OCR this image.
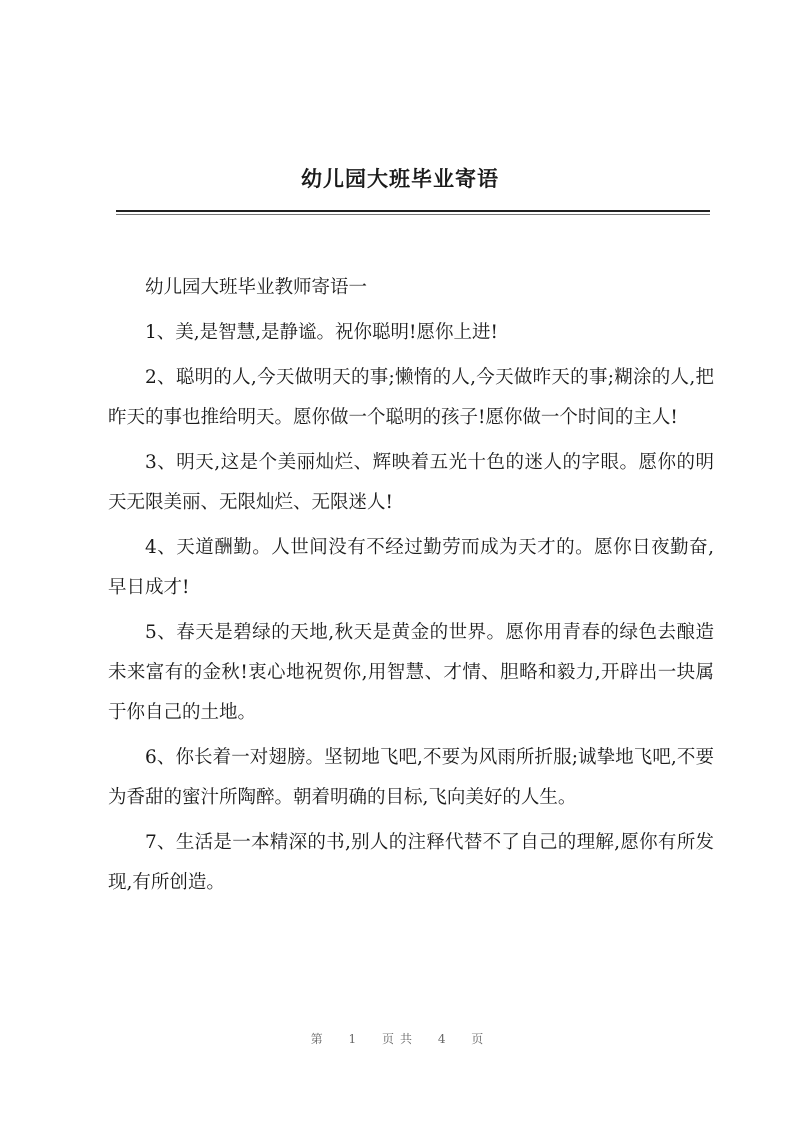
幼儿园大班毕业寄语

幼儿园大班毕业教师寄语一

1、美,是智慧,是静谧。祝你聪明!愿你上进!

2、聪明的人,今天做明天的事;懒惰的人,今天做昨天的事;糊涂的人,把昨天的事也推给明天。愿你做一个聪明的孩子!愿你做一个时间的主人!

3、明天,这是个美丽灿烂、辉映着五光十色的迷人的字眼。愿你的明天无限美丽、无限灿烂、无限迷人!

4、天道酬勤。人世间没有不经过勤劳而成为天才的。愿你日夜勤奋,早日成才!

5、春天是碧绿的天地,秋天是黄金的世界。愿你用青春的绿色去酿造未来富有的金秋!衷心地祝贺你,用智慧、才情、胆略和毅力,开辟出一块属于你自己的土地。

6、你长着一对翅膀。坚韧地飞吧,不要为风雨所折服;诚挚地飞吧,不要为香甜的蜜汁所陶醉。朝着明确的目标,飞向美好的人生。

7、生活是一本精深的书,别人的注释代替不了自己的理解,愿你有所发现,有所创造。

第 1 页共 4 页
